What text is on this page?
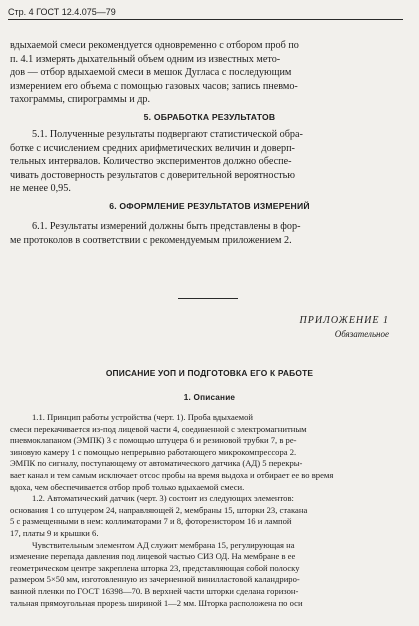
Стр. 4 ГОСТ 12.4.075—79
вдыхаемой смеси рекомендуется одновременно с отбором проб по
п. 4.1 измерять дыхательный объем одним из известных мето-
дов — отбор вдыхаемой смеси в мешок Дугласа с последующим
измерением его объема с помощью газовых часов; запись пневмо-
тахограммы, спирограммы и др.
5. ОБРАБОТКА РЕЗУЛЬТАТОВ
5.1. Полученные результаты подвергают статистической обра-
ботке с исчислением средних арифметических величин и доверп-
тельных интервалов. Количество экспериментов должно обеспе-
чивать достоверность результатов с доверительной вероятностью
не менее 0,95.
6. ОФОРМЛЕНИЕ РЕЗУЛЬТАТОВ ИЗМЕРЕНИЙ
6.1. Результаты измерений должны быть представлены в фор-
ме протоколов в соответствии с рекомендуемым приложением 2.
ПРИЛОЖЕНИЕ 1
Обязательное
ОПИСАНИЕ УОП И ПОДГОТОВКА ЕГО К РАБОТЕ
1. Описание
1.1. Принцип работы устройства (черт. 1). Проба вдыхаемой
смеси перекачивается из-под лицевой части 4, соединенной с электромагнитным
пневмоклапаном (ЭМПК) 3 с помощью штуцера 6 и резиновой трубки 7, в ре-
зиновую камеру 1 с помощью непрерывно работающего микрокомпрессора 2.
ЭМПК по сигналу, поступающему от автоматического датчика (АД) 5 перекры-
вает канал и тем самым исключает отсос пробы на время выдоха и отбирает ее во время
вдоха, чем обеспечивается отбор проб только вдыхаемой смеси.
1.2. Автоматический датчик (черт. 3) состоит из следующих элементов:
основания 1 со штуцером 24, направляющей 2, мембраны 15, шторки 23, стакана
5 с размещенными в нем: коллиматорами 7 и 8, фоторезистором 16 и лампой
17, платы 9 и крышки 6.
Чувствительным элементом АД служит мембрана 15, регулирующая на
изменение перепада давления под лицевой частью СИЗ ОД. На мембране в ее
геометрическом центре закреплена шторка 23, представляющая собой полоску
размером 5×50 мм, изготовленную из зачерненной винилластовой каландриро-
ванной пленки по ГОСТ 16398—70. В верхней части шторки сделана горизон-
тальная прямоугольная прорезь шириной 1—2 мм. Шторка расположена по оси
